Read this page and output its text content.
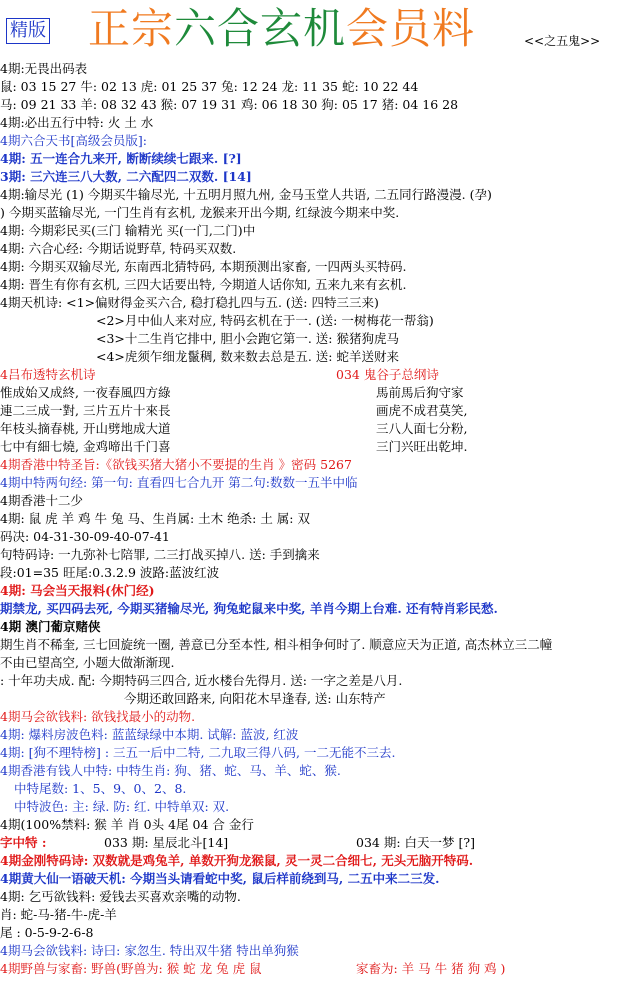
精版 正宗六合玄机会员料	<<之五鬼>>
4期:无畏出码表
鼠: 03 15 27 牛: 02 13 虎: 01 25 37 兔: 12 24 龙: 11 35 蛇: 10 22 44
马: 09 21 33 羊: 08 32 43 猴: 07 19 31 鸡: 06 18 30 狗: 05 17 猪: 04 16 28
4期:必出五行中特: 火 土 水
4期六合天书[高级会员版]:
4期: 五一连合九来开, 断断续续七跟来. [?]
3期: 三六连三八大数, 二六配四二双数. [14]
4期:输尽光 (1) 今期买牛输尽光, 十五明月照九州, 金马玉堂人共语, 二五同行路漫漫. (孕)
) 今期买蓝输尽光, 一门生肖有玄机, 龙猴来开出今期, 红绿波今期来中奖.
4期: 今期彩民买(三门 输精光 买(一门,二门)中
4期: 六合心经: 今期话说野草, 特码买双数.
4期: 今期买双输尽光, 东南西北猜特码, 本期预测出家畜, 一四两头买特码.
4期: 晋生有你有玄机, 三四大话要出特, 今期道人话你知, 五来九来有玄机.
4期天机诗: <1>偏财得金买六合, 稳打稳扎四与五. (送: 四特三三来)
<2>月中仙人来对应, 特码玄机在于一. (送: 一树梅花一帮翁)
<3>十二生肖它排中, 胆小会跑它第一. 送: 猴猪狗虎马
<4>虎须乍细龙鬣稠, 数来数去总是五. 送: 蛇羊送财来
4吕布透特玄机诗	034 鬼谷子总纲诗
惟成始又成終, 一夜春風四方綠	馬前馬后狗守家
連二三成一對, 三片五片十來長	画虎不成君莫笑,
年枝头摘春桃, 开山劈地成大道	三八人面七分粉,
七中有細七燒, 金鸡啼出千门喜	三门兴旺出乾坤.
4期香港中特圣旨:《欲钱买猪大猪小不要提的生肖 》密码 5267
4期中特两句经: 第一句: 直看四七合九开 第二句:数数一五半中临
4期香港十二少
4期: 鼠 虎 羊 鸡 牛 兔 马、生肖属: 土木 绝杀: 土 属: 双
码决: 04-31-30-09-40-07-41
句特码诗: 一九弥补七陪罪, 二三打战买掉八. 送: 手到擒来
段:01=35 旺尾:0.3.2.9 波路:蓝波红波
4期: 马会当天报料(休门经)
期禁龙, 买四码去死, 今期买猪输尽光, 狗兔蛇鼠来中奖, 羊肖今期上台难. 还有特肖彩民愁.
4期 澳门葡京赌侠
期生肖不稀奎, 三七回旋统一圈, 善意已分至本性, 相斗相争何时了. 顺意应天为正道, 高杰林立三二幢
不由已望高空, 小题大做渐渐现.
: 十年功夫成. 配: 今期特码三四合, 近水楼台先得月. 送: 一字之差是八月.
今期还敢回路来, 向阳花木早逢春, 送: 山东特产
4期马会欲钱料: 欲钱找最小的动物.
4期: 爆料房波色料: 蓝蓝绿绿中本期. 试解: 蓝波, 红波
4期: [狗不理特榜] : 三五一后中二特, 二九取三得八码, 一二无能不三去.
4期香港有钱人中特: 中特生肖: 狗、猪、蛇、马、羊、蛇、猴.
中特尾数: 1、5、9、0、2、8.
中特波色: 主: 绿. 防: 红. 中特单双: 双.
4期(100%禁料: 猴 羊 肖 0头 4尾 04 合 金行
字中特 :	033 期: 星辰北斗[14]	034 期: 白天一梦 [?]
4期金刚特码诗: 双数就是鸡兔羊, 单数开狗龙猴鼠, 灵一灵二合细七, 无头无脑开特码.
4期黄大仙一语破天机: 今期当头请看蛇中奖, 鼠后样前绕到马, 二五中来二三发.
4期: 乞丐欲钱料: 爱钱去买喜欢亲嘴的动物.
肖: 蛇-马-猪-牛-虎-羊
尾 : 0-5-9-2-6-8
4期马会欲钱料: 诗曰: 家忽生. 特出双牛猪 特出单狗猴
4期野兽与家畜: 野兽(野兽为: 猴 蛇 龙 兔 虎 鼠	家畜为: 羊 马 牛 猪 狗 鸡 )
